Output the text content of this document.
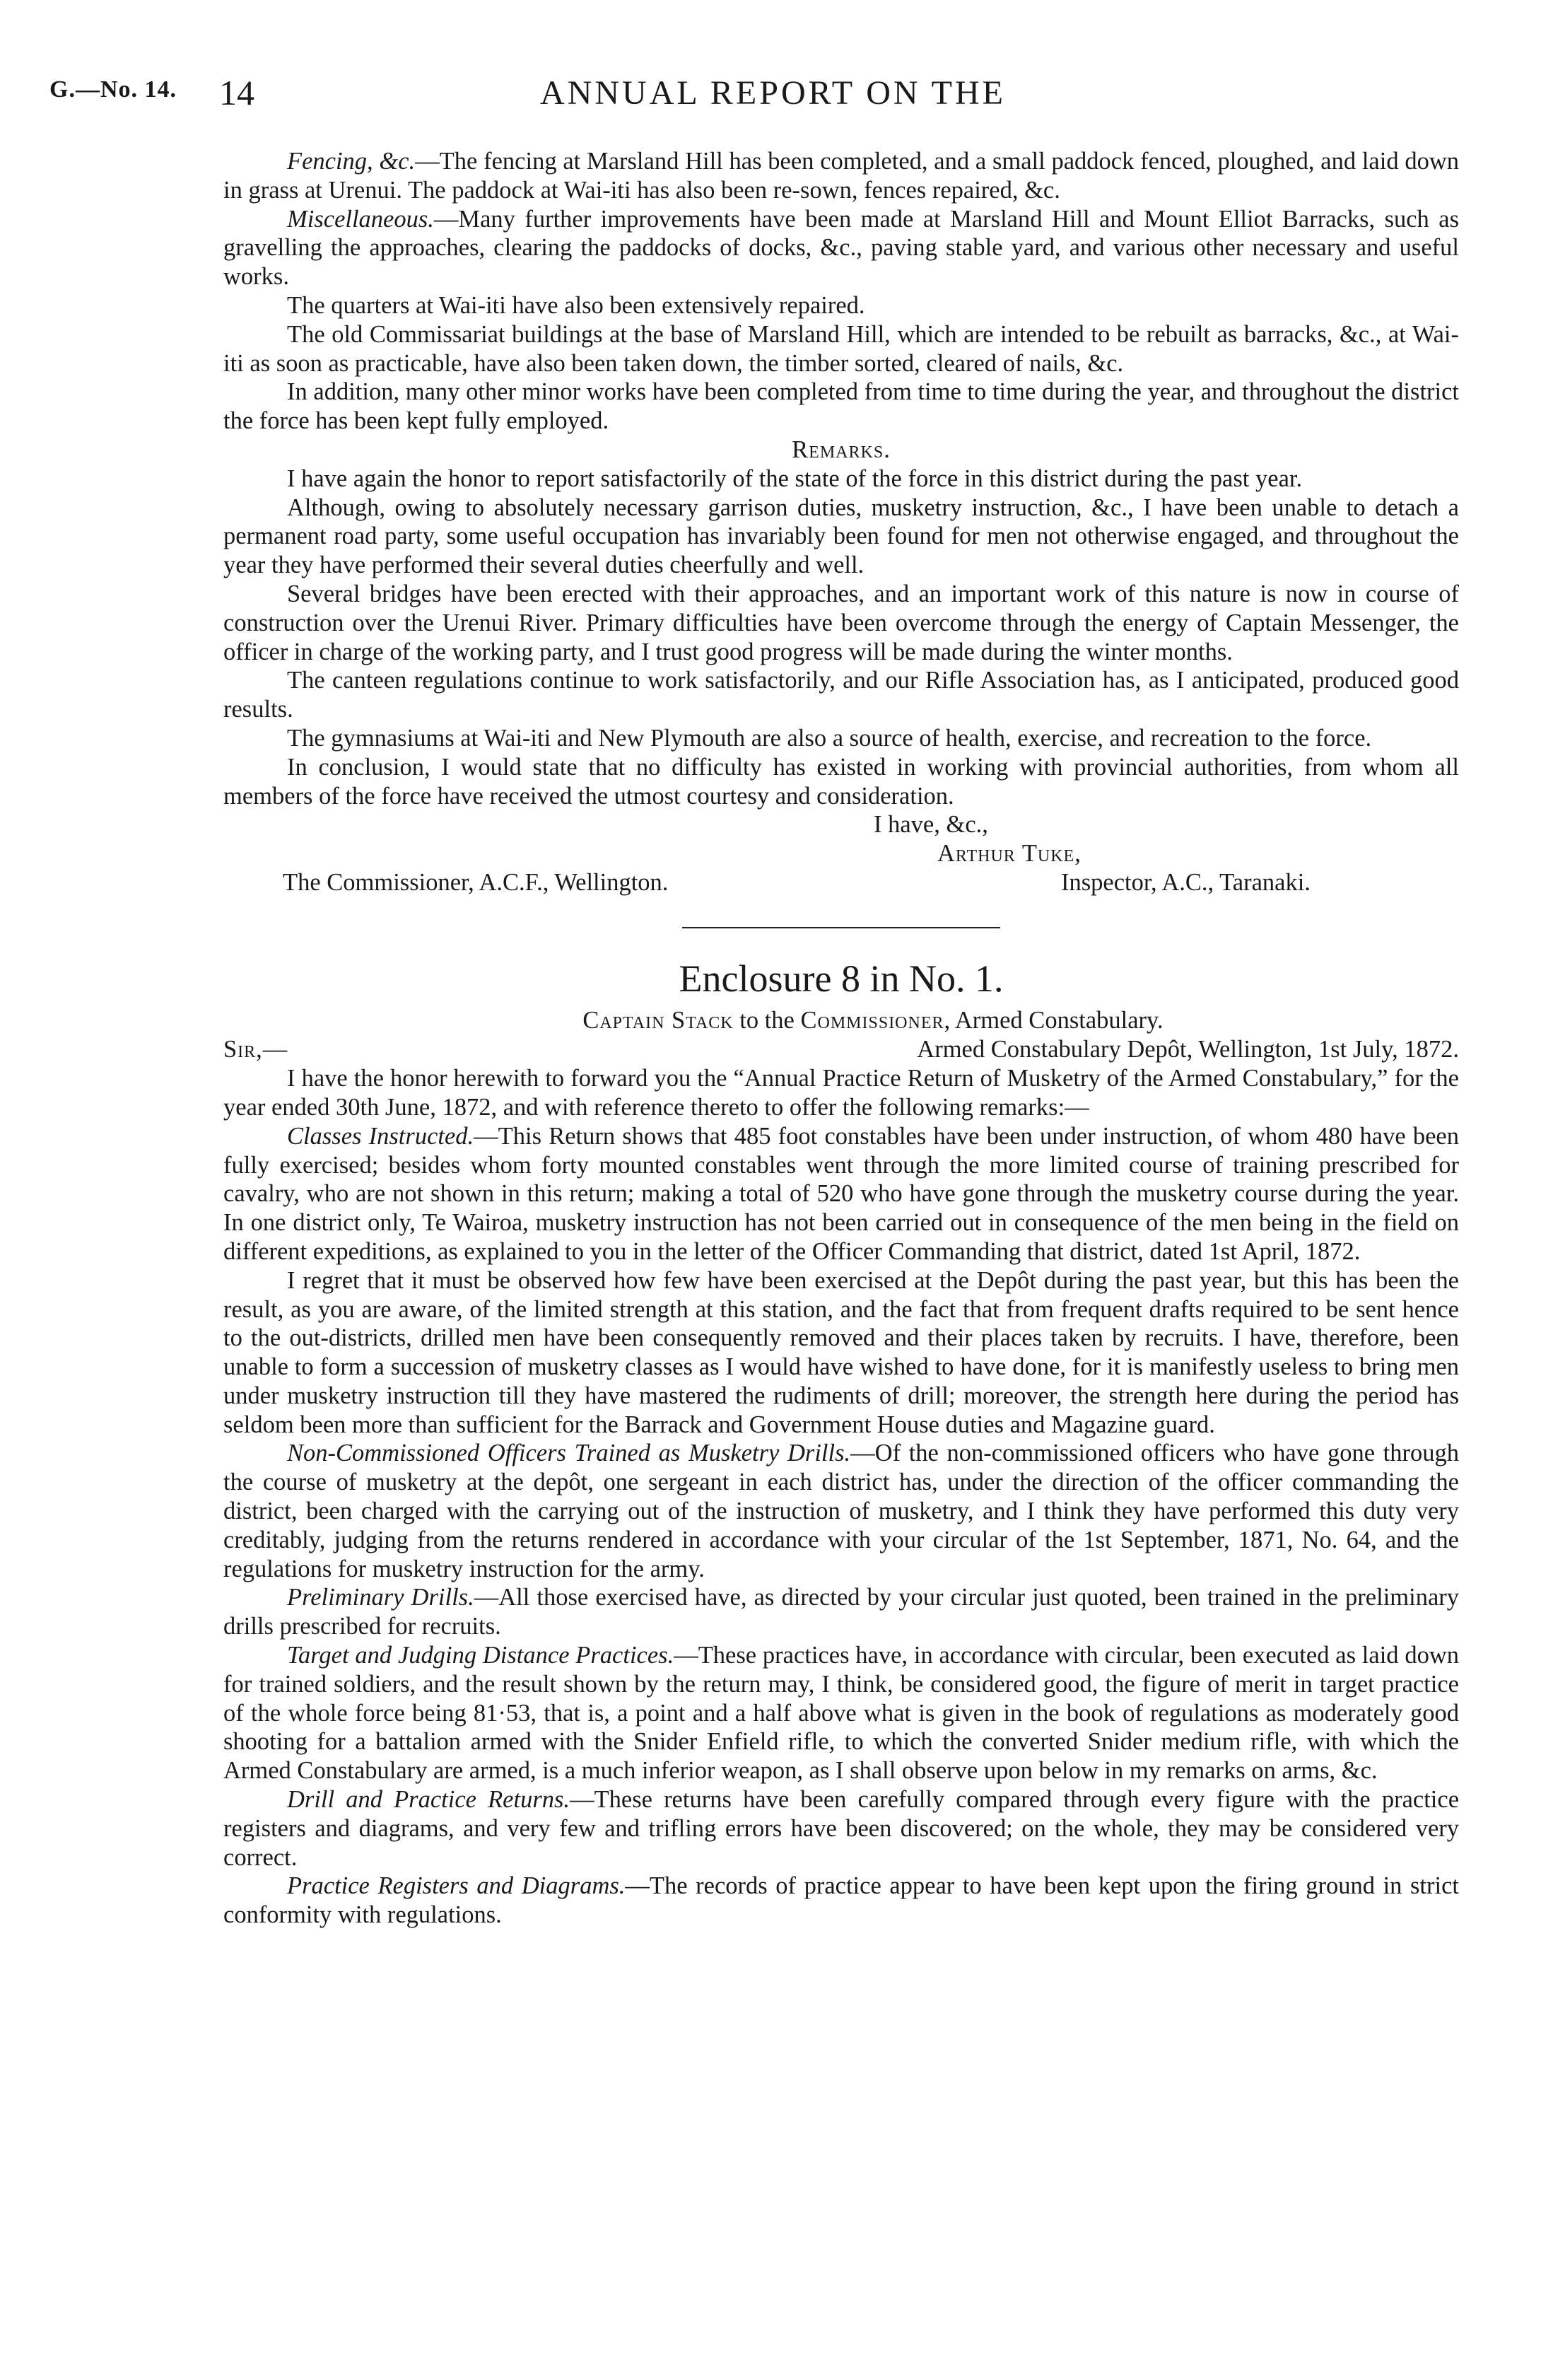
G.—No. 14. 14	ANNUAL REPORT ON THE

Fencing, &c.—The fencing at Marsland Hill has been completed, and a small paddock fenced, ploughed, and laid down in grass at Urenui. The paddock at Wai-iti has also been re-sown, fences repaired, &c.

Miscellaneous.—Many further improvements have been made at Marsland Hill and Mount Elliot Barracks, such as gravelling the approaches, clearing the paddocks of docks, &c., paving stable yard, and various other necessary and useful works.

The quarters at Wai-iti have also been extensively repaired.

The old Commissariat buildings at the base of Marsland Hill, which are intended to be rebuilt as barracks, &c., at Wai-iti as soon as practicable, have also been taken down, the timber sorted, cleared of nails, &c.

In addition, many other minor works have been completed from time to time during the year, and throughout the district the force has been kept fully employed.

Remarks.

I have again the honor to report satisfactorily of the state of the force in this district during the past year.

Although, owing to absolutely necessary garrison duties, musketry instruction, &c., I have been unable to detach a permanent road party, some useful occupation has invariably been found for men not otherwise engaged, and throughout the year they have performed their several duties cheerfully and well.

Several bridges have been erected with their approaches, and an important work of this nature is now in course of construction over the Urenui River. Primary difficulties have been overcome through the energy of Captain Messenger, the officer in charge of the working party, and I trust good progress will be made during the winter months.

The canteen regulations continue to work satisfactorily, and our Rifle Association has, as I anticipated, produced good results.

The gymnasiums at Wai-iti and New Plymouth are also a source of health, exercise, and recreation to the force.

In conclusion, I would state that no difficulty has existed in working with provincial authorities, from whom all members of the force have received the utmost courtesy and consideration.

I have, &c.,
Arthur Tuke,
The Commissioner, A.C.F., Wellington.	Inspector, A.C., Taranaki.
Enclosure 8 in No. 1.

Captain Stack to the Commissioner, Armed Constabulary.

Sir,—	Armed Constabulary Depôt, Wellington, 1st July, 1872.

I have the honor herewith to forward you the “Annual Practice Return of Musketry of the Armed Constabulary,” for the year ended 30th June, 1872, and with reference thereto to offer the following remarks:—

Classes Instructed.—This Return shows that 485 foot constables have been under instruction, of whom 480 have been fully exercised; besides whom forty mounted constables went through the more limited course of training prescribed for cavalry, who are not shown in this return; making a total of 520 who have gone through the musketry course during the year. In one district only, Te Wairoa, musketry instruction has not been carried out in consequence of the men being in the field on different expeditions, as explained to you in the letter of the Officer Commanding that district, dated 1st April, 1872.

I regret that it must be observed how few have been exercised at the Depôt during the past year, but this has been the result, as you are aware, of the limited strength at this station, and the fact that from frequent drafts required to be sent hence to the out-districts, drilled men have been consequently removed and their places taken by recruits. I have, therefore, been unable to form a succession of musketry classes as I would have wished to have done, for it is manifestly useless to bring men under musketry instruction till they have mastered the rudiments of drill; moreover, the strength here during the period has seldom been more than sufficient for the Barrack and Government House duties and Magazine guard.

Non-Commissioned Officers Trained as Musketry Drills.—Of the non-commissioned officers who have gone through the course of musketry at the depôt, one sergeant in each district has, under the direction of the officer commanding the district, been charged with the carrying out of the instruction of musketry, and I think they have performed this duty very creditably, judging from the returns rendered in accordance with your circular of the 1st September, 1871, No. 64, and the regulations for musketry instruction for the army.

Preliminary Drills.—All those exercised have, as directed by your circular just quoted, been trained in the preliminary drills prescribed for recruits.

Target and Judging Distance Practices.—These practices have, in accordance with circular, been executed as laid down for trained soldiers, and the result shown by the return may, I think, be considered good, the figure of merit in target practice of the whole force being 81·53, that is, a point and a half above what is given in the book of regulations as moderately good shooting for a battalion armed with the Snider Enfield rifle, to which the converted Snider medium rifle, with which the Armed Constabulary are armed, is a much inferior weapon, as I shall observe upon below in my remarks on arms, &c.

Drill and Practice Returns.—These returns have been carefully compared through every figure with the practice registers and diagrams, and very few and trifling errors have been discovered; on the whole, they may be considered very correct.

Practice Registers and Diagrams.—The records of practice appear to have been kept upon the firing ground in strict conformity with regulations.
